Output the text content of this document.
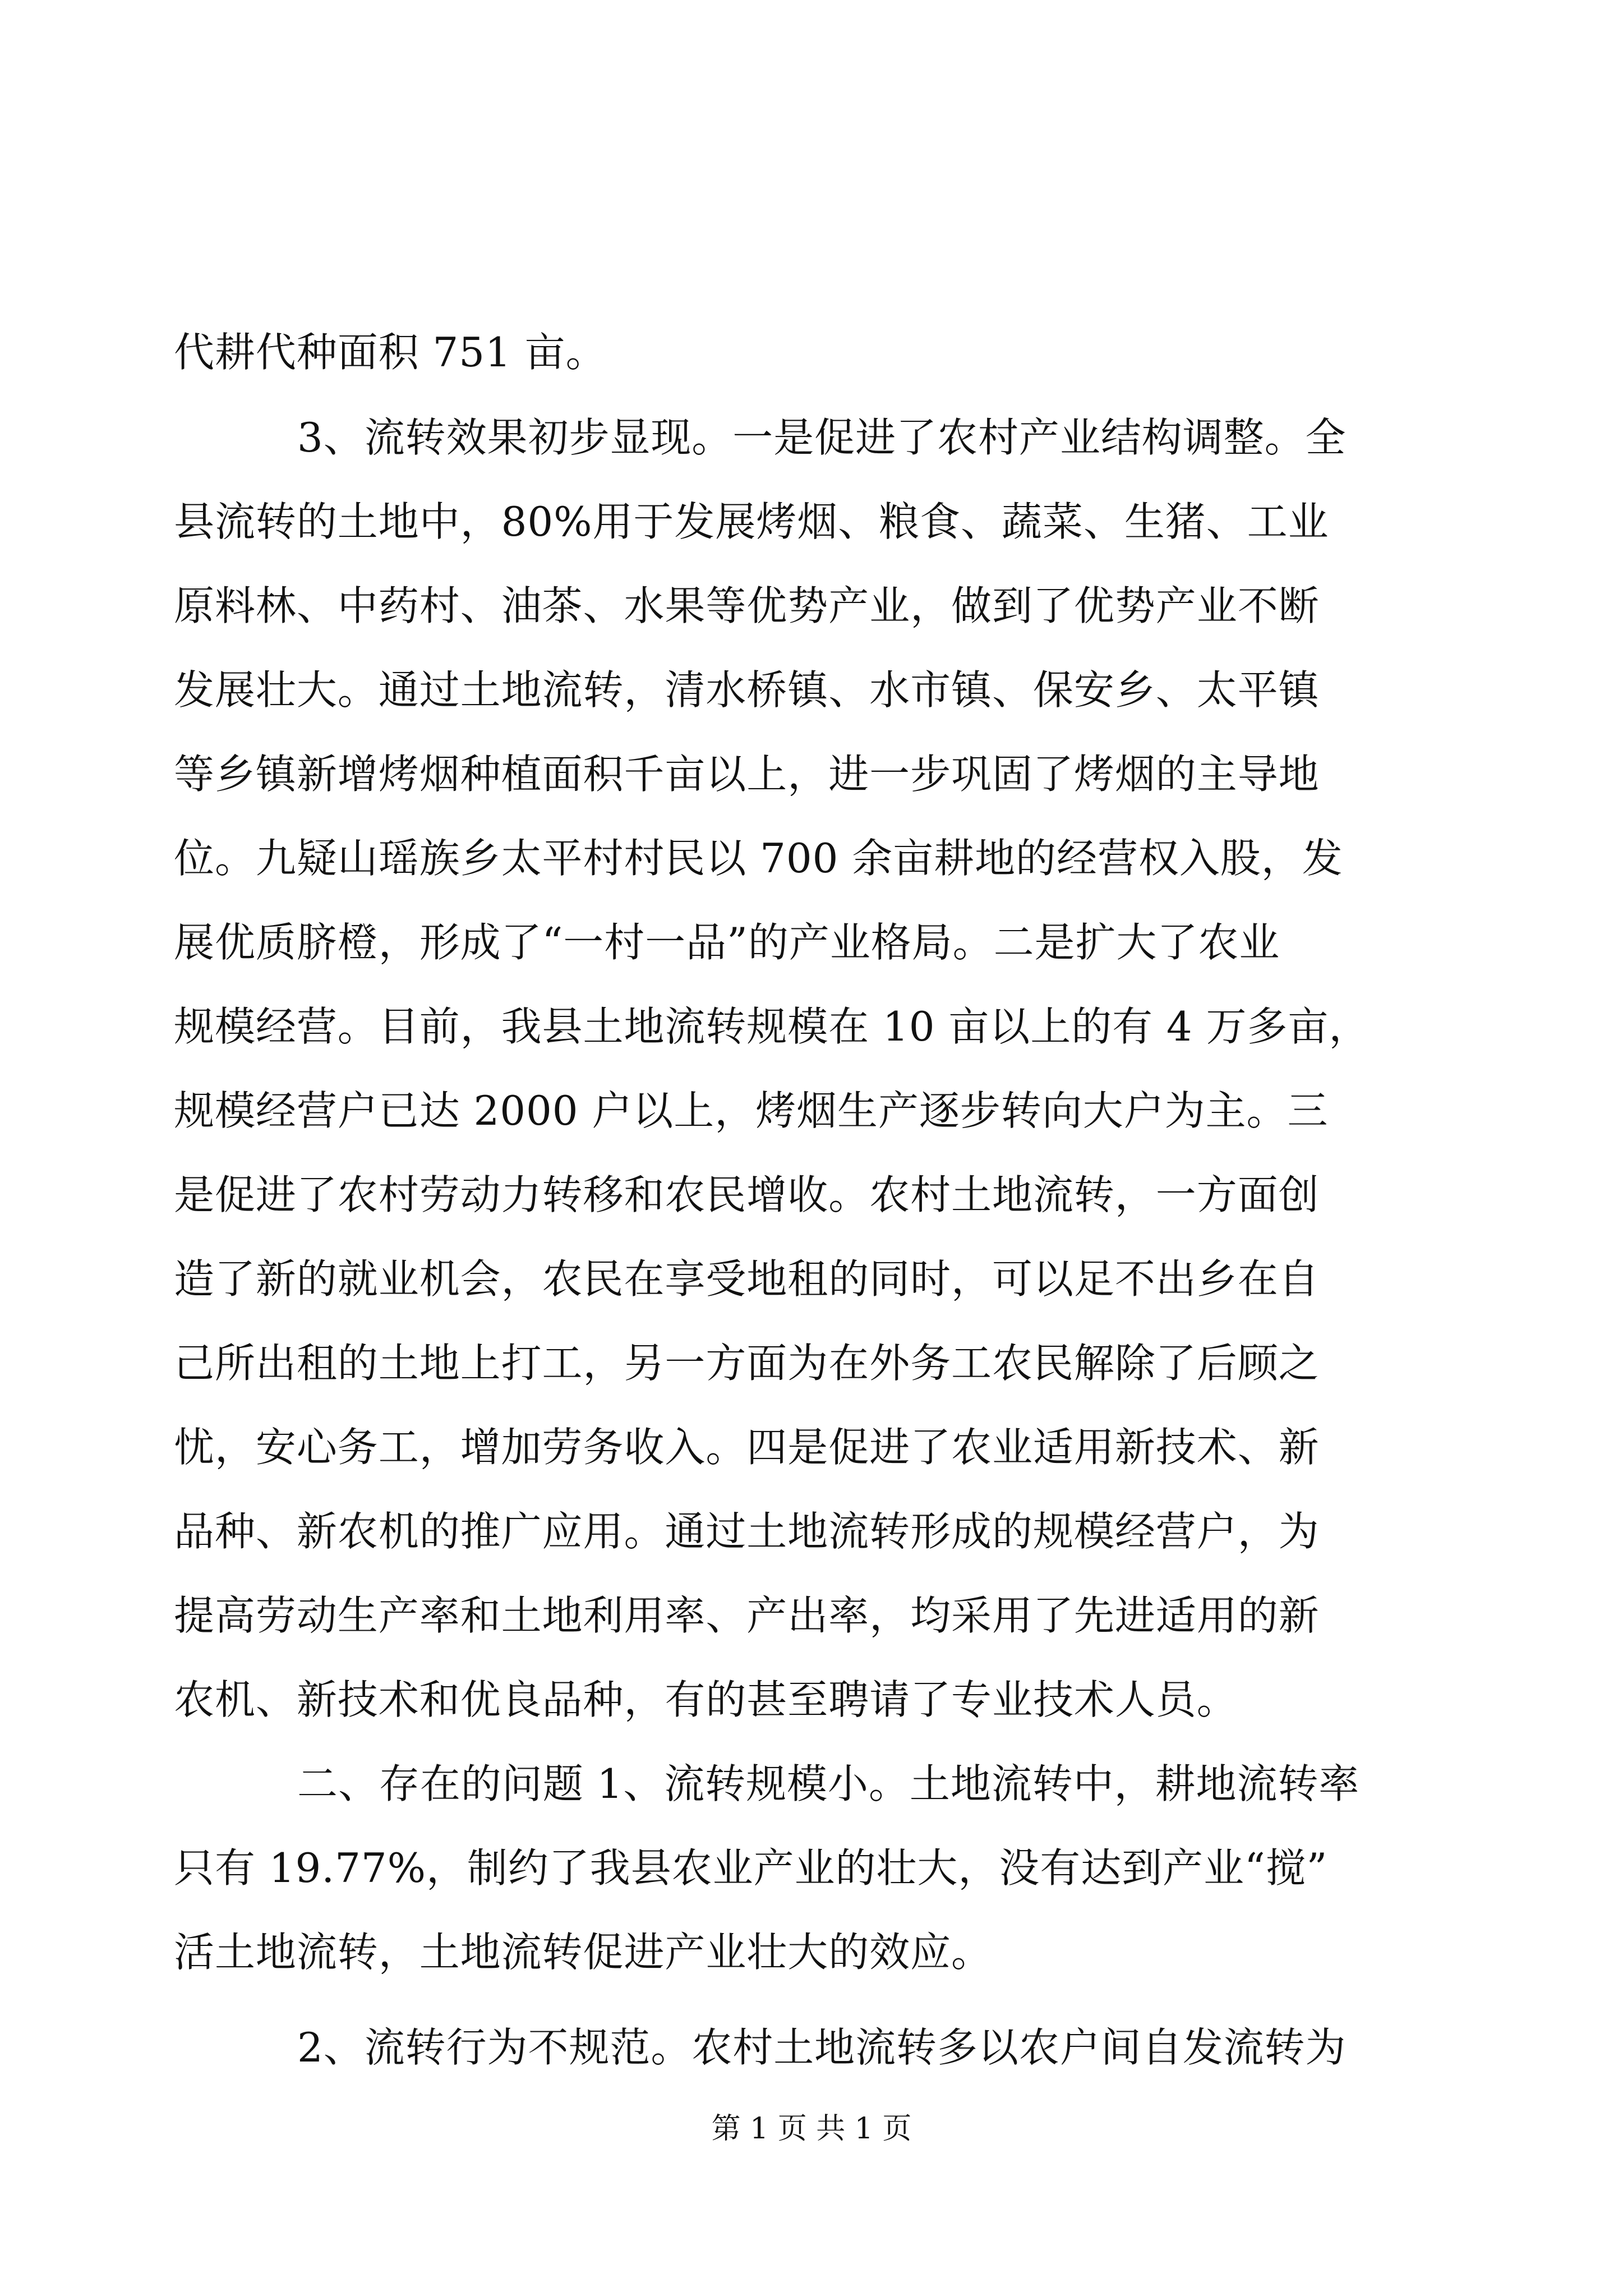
代耕代种面积 751 亩。
3、流转效果初步显现。一是促进了农村产业结构调整。全
县流转的土地中，80%用于发展烤烟、粮食、蔬菜、生猪、工业
原料林、中药村、油茶、水果等优势产业，做到了优势产业不断
发展壮大。通过土地流转，清水桥镇、水市镇、保安乡、太平镇
等乡镇新增烤烟种植面积千亩以上，进一步巩固了烤烟的主导地
位。九疑山瑶族乡太平村村民以 700 余亩耕地的经营权入股，发
展优质脐橙，形成了“一村一品”的产业格局。二是扩大了农业
规模经营。目前，我县土地流转规模在 10 亩以上的有 4 万多亩，
规模经营户已达 2000 户以上，烤烟生产逐步转向大户为主。三
是促进了农村劳动力转移和农民增收。农村土地流转，一方面创
造了新的就业机会，农民在享受地租的同时，可以足不出乡在自
己所出租的土地上打工，另一方面为在外务工农民解除了后顾之
忧，安心务工，增加劳务收入。四是促进了农业适用新技术、新
品种、新农机的推广应用。通过土地流转形成的规模经营户，为
提高劳动生产率和土地利用率、产出率，均采用了先进适用的新
农机、新技术和优良品种，有的甚至聘请了专业技术人员。
二、存在的问题 1、流转规模小。土地流转中，耕地流转率
只有 19.77%，制约了我县农业产业的壮大，没有达到产业“搅”
活土地流转，土地流转促进产业壮大的效应。
2、流转行为不规范。农村土地流转多以农户间自发流转为
第 1 页 共 1 页
